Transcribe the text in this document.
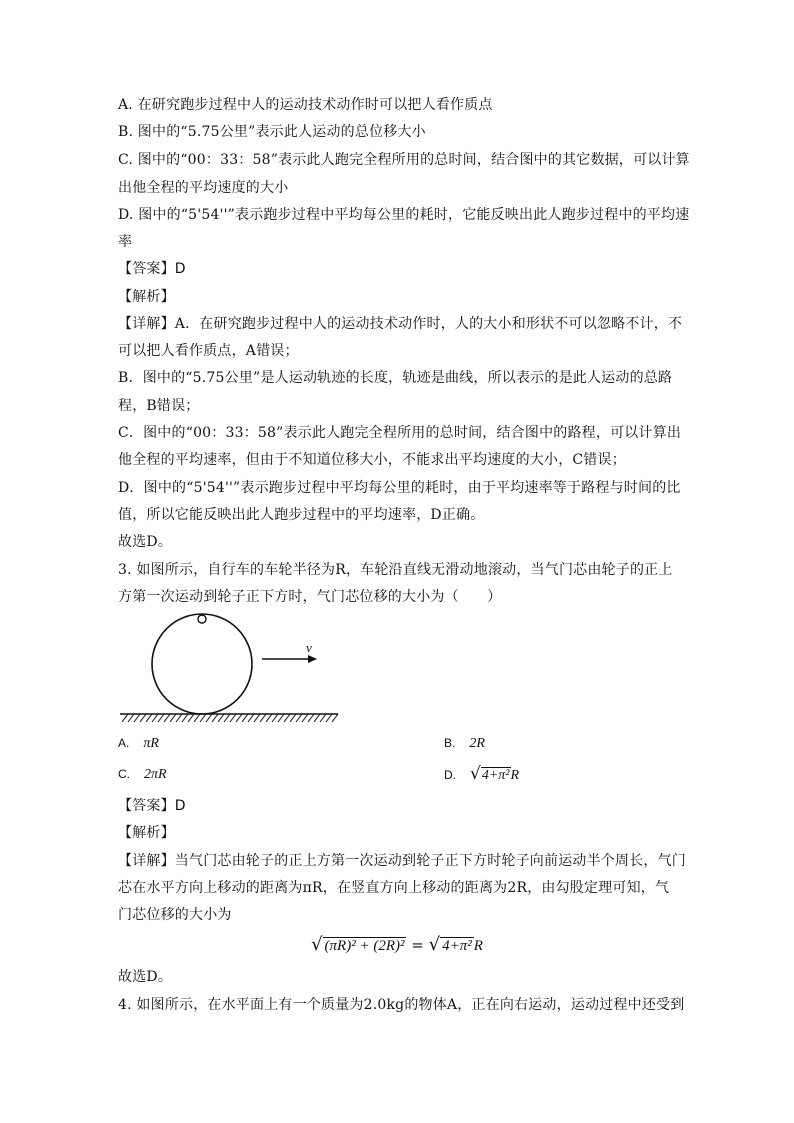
A. 在研究跑步过程中人的运动技术动作时可以把人看作质点
B. 图中的“5.75公里”表示此人运动的总位移大小
C. 图中的“00：33：58”表示此人跑完全程所用的总时间，结合图中的其它数据，可以计算
出他全程的平均速度的大小
D. 图中的“5'54''”表示跑步过程中平均每公里的耗时，它能反映出此人跑步过程中的平均速
率
【答案】D
【解析】
【详解】A．在研究跑步过程中人的运动技术动作时，人的大小和形状不可以忽略不计，不
可以把人看作质点，A错误；
B．图中的“5.75公里”是人运动轨迹的长度，轨迹是曲线，所以表示的是此人运动的总路
程，B错误；
C．图中的“00：33：58”表示此人跑完全程所用的总时间，结合图中的路程，可以计算出
他全程的平均速率，但由于不知道位移大小，不能求出平均速度的大小，C错误；
D．图中的“5'54''”表示跑步过程中平均每公里的耗时，由于平均速率等于路程与时间的比
值，所以它能反映出此人跑步过程中的平均速率，D正确。
故选D。
3. 如图所示，自行车的车轮半径为R，车轮沿直线无滑动地滚动，当气门芯由轮子的正上
方第一次运动到轮子正下方时，气门芯位移的大小为（　　）
v
A. πR	B. 2R
C. 2πR	D. √4+π²R
【答案】D
【解析】
【详解】当气门芯由轮子的正上方第一次运动到轮子正下方时轮子向前运动半个周长，气门
芯在水平方向上移动的距离为πR，在竖直方向上移动的距离为2R，由勾股定理可知，气
门芯位移的大小为
√ (πR)² + (2R)² = √ 4+π² R
故选D。
4. 如图所示，在水平面上有一个质量为2.0kg的物体A，正在向右运动，运动过程中还受到
